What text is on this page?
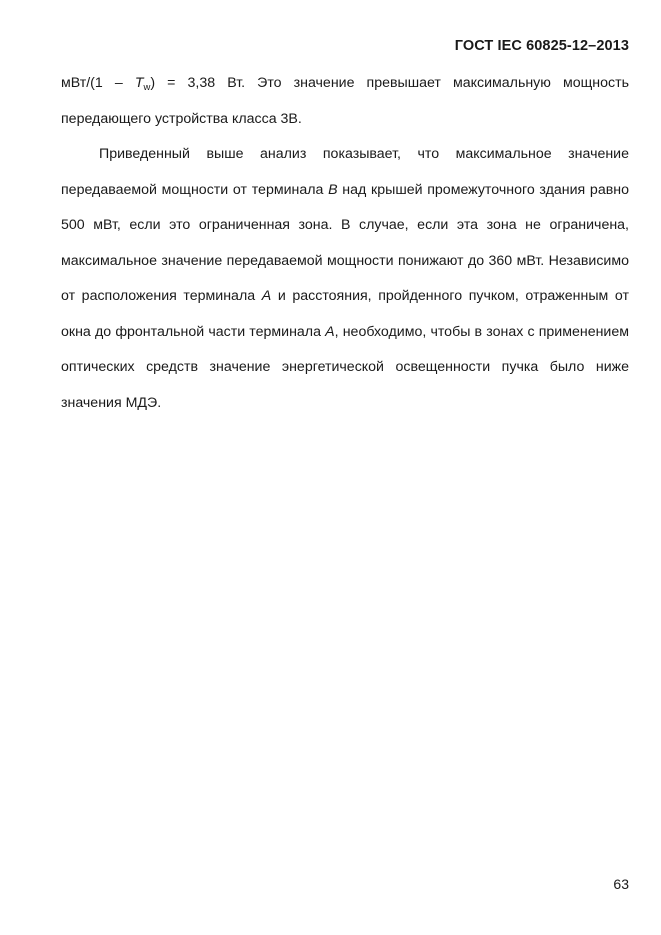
ГОСТ IEC 60825-12–2013

$мВт/(1 - T_w) = 3,38$ Вт. Это значение превышает максимальную мощность передающего устройства класса 3В.

Приведенный выше анализ показывает, что максимальное значение передаваемой мощности от терминала B над крышей промежуточного здания равно 500 мВт, если это ограниченная зона. В случае, если эта зона не ограничена, максимальное значение передаваемой мощности понижают до 360 мВт. Независимо от расположения терминала A и расстояния, пройденного пучком, отраженным от окна до фронтальной части терминала A, необходимо, чтобы в зонах с применением оптических средств значение энергетической освещенности пучка было ниже значения МДЭ.

63
